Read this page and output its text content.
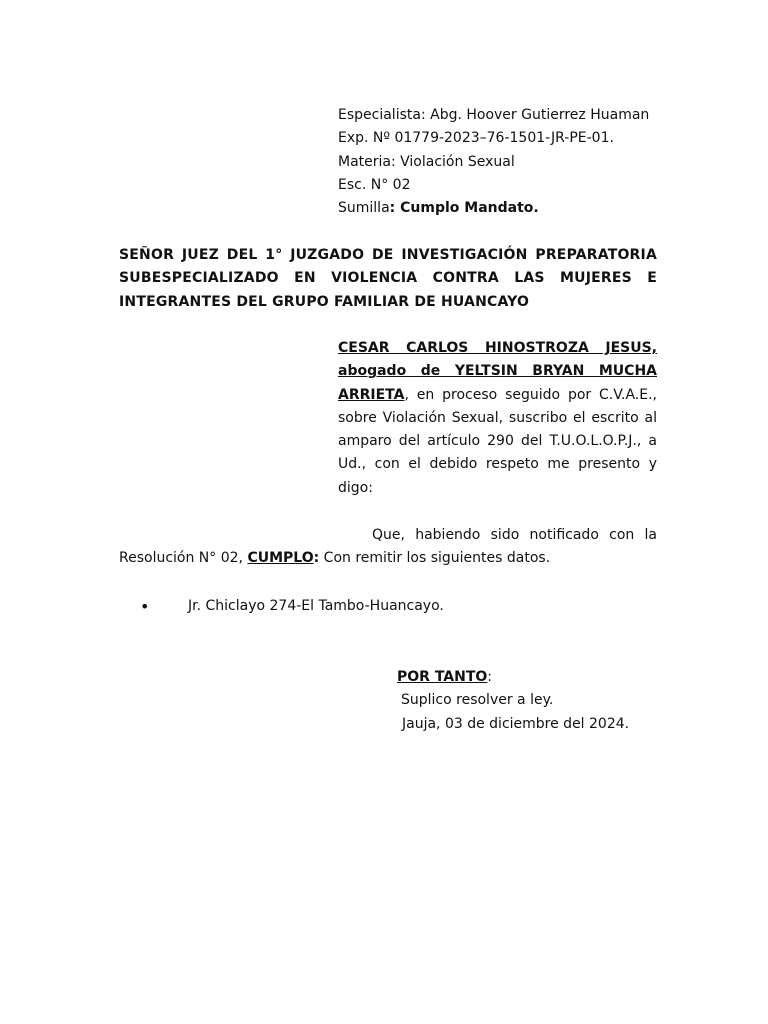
Especialista: Abg. Hoover Gutierrez Huaman
Exp. Nº 01779-2023–76-1501-JR-PE-01.
Materia: Violación Sexual
Esc. N° 02
Sumilla: Cumplo Mandato.
SEÑOR JUEZ DEL 1° JUZGADO DE INVESTIGACIÓN PREPARATORIA
SUBESPECIALIZADO EN VIOLENCIA CONTRA LAS MUJERES E
INTEGRANTES DEL GRUPO FAMILIAR DE HUANCAYO
CESAR CARLOS HINOSTROZA JESUS, abogado de YELTSIN BRYAN MUCHA ARRIETA, en proceso seguido por C.V.A.E., sobre Violación Sexual, suscribo el escrito al amparo del artículo 290 del T.U.O.L.O.P.J., a Ud., con el debido respeto me presento y digo:
Que, habiendo sido notificado con la Resolución N° 02, CUMPLO: Con remitir los siguientes datos.
•	Jr. Chiclayo 274-El Tambo-Huancayo.
POR TANTO:
Suplico resolver a ley.
Jauja, 03 de diciembre del 2024.
